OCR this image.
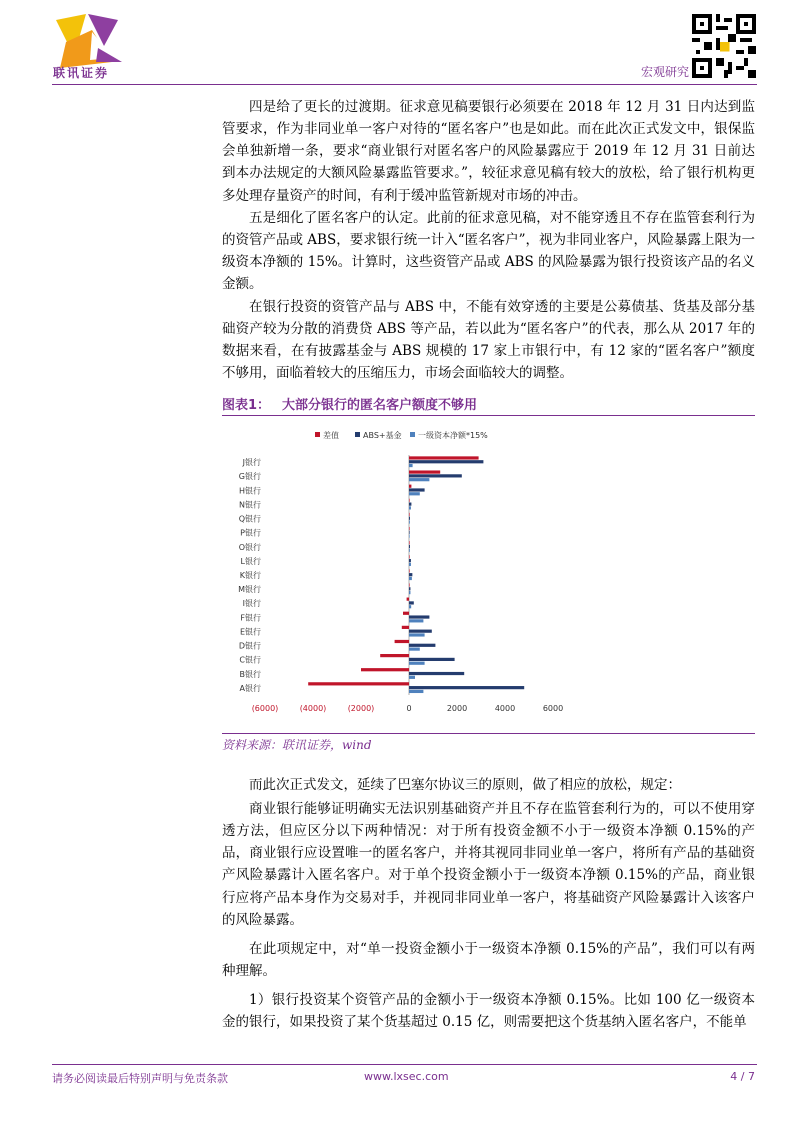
联讯证券	宏观研究

四是给了更长的过渡期。征求意见稿要银行必须要在 2018 年 12 月 31 日内达到监管要求，作为非同业单一客户对待的“匿名客户”也是如此。而在此次正式发文中，银保监会单独新增一条，要求“商业银行对匿名客户的风险暴露应于 2019 年 12 月 31 日前达到本办法规定的大额风险暴露监管要求。”，较征求意见稿有较大的放松，给了银行机构更多处理存量资产的时间，有利于缓冲监管新规对市场的冲击。

五是细化了匿名客户的认定。此前的征求意见稿，对不能穿透且不存在监管套利行为的资管产品或 ABS，要求银行统一计入“匿名客户”，视为非同业客户，风险暴露上限为一级资本净额的 15%。计算时，这些资管产品或 ABS 的风险暴露为银行投资该产品的名义金额。

在银行投资的资管产品与 ABS 中，不能有效穿透的主要是公募债基、货基及部分基础资产较为分散的消费贷 ABS 等产品，若以此为“匿名客户”的代表，那么从 2017 年的数据来看，在有披露基金与 ABS 规模的 17 家上市银行中，有 12 家的“匿名客户”额度不够用，面临着较大的压缩压力，市场会面临较大的调整。

图表1： 大部分银行的匿名客户额度不够用
差值	ABS+基金 一级资本净额*15%
J银行
G银行
H银行
N银行
Q银行
P银行
O银行
L银行
K银行
M银行
I银行
F银行
E银行
D银行
C银行
B银行
A银行
(6000)	(4000)	(2000)	0	2000	4000	6000
资料来源：联讯证券，wind

而此次正式发文，延续了巴塞尔协议三的原则，做了相应的放松，规定：

商业银行能够证明确实无法识别基础资产并且不存在监管套利行为的，可以不使用穿透方法，但应区分以下两种情况：对于所有投资金额不小于一级资本净额 0.15%的产品，商业银行应设置唯一的匿名客户，并将其视同非同业单一客户，将所有产品的基础资产风险暴露计入匿名客户。对于单个投资金额小于一级资本净额 0.15%的产品，商业银行应将产品本身作为交易对手，并视同非同业单一客户，将基础资产风险暴露计入该客户的风险暴露。

在此项规定中，对“单一投资金额小于一级资本净额 0.15%的产品”，我们可以有两种理解。

1）银行投资某个资管产品的金额小于一级资本净额 0.15%。比如 100 亿一级资本金的银行，如果投资了某个货基超过 0.15 亿，则需要把这个货基纳入匿名客户，不能单

请务必阅读最后特别声明与免责条款	www.lxsec.com	4 / 7
